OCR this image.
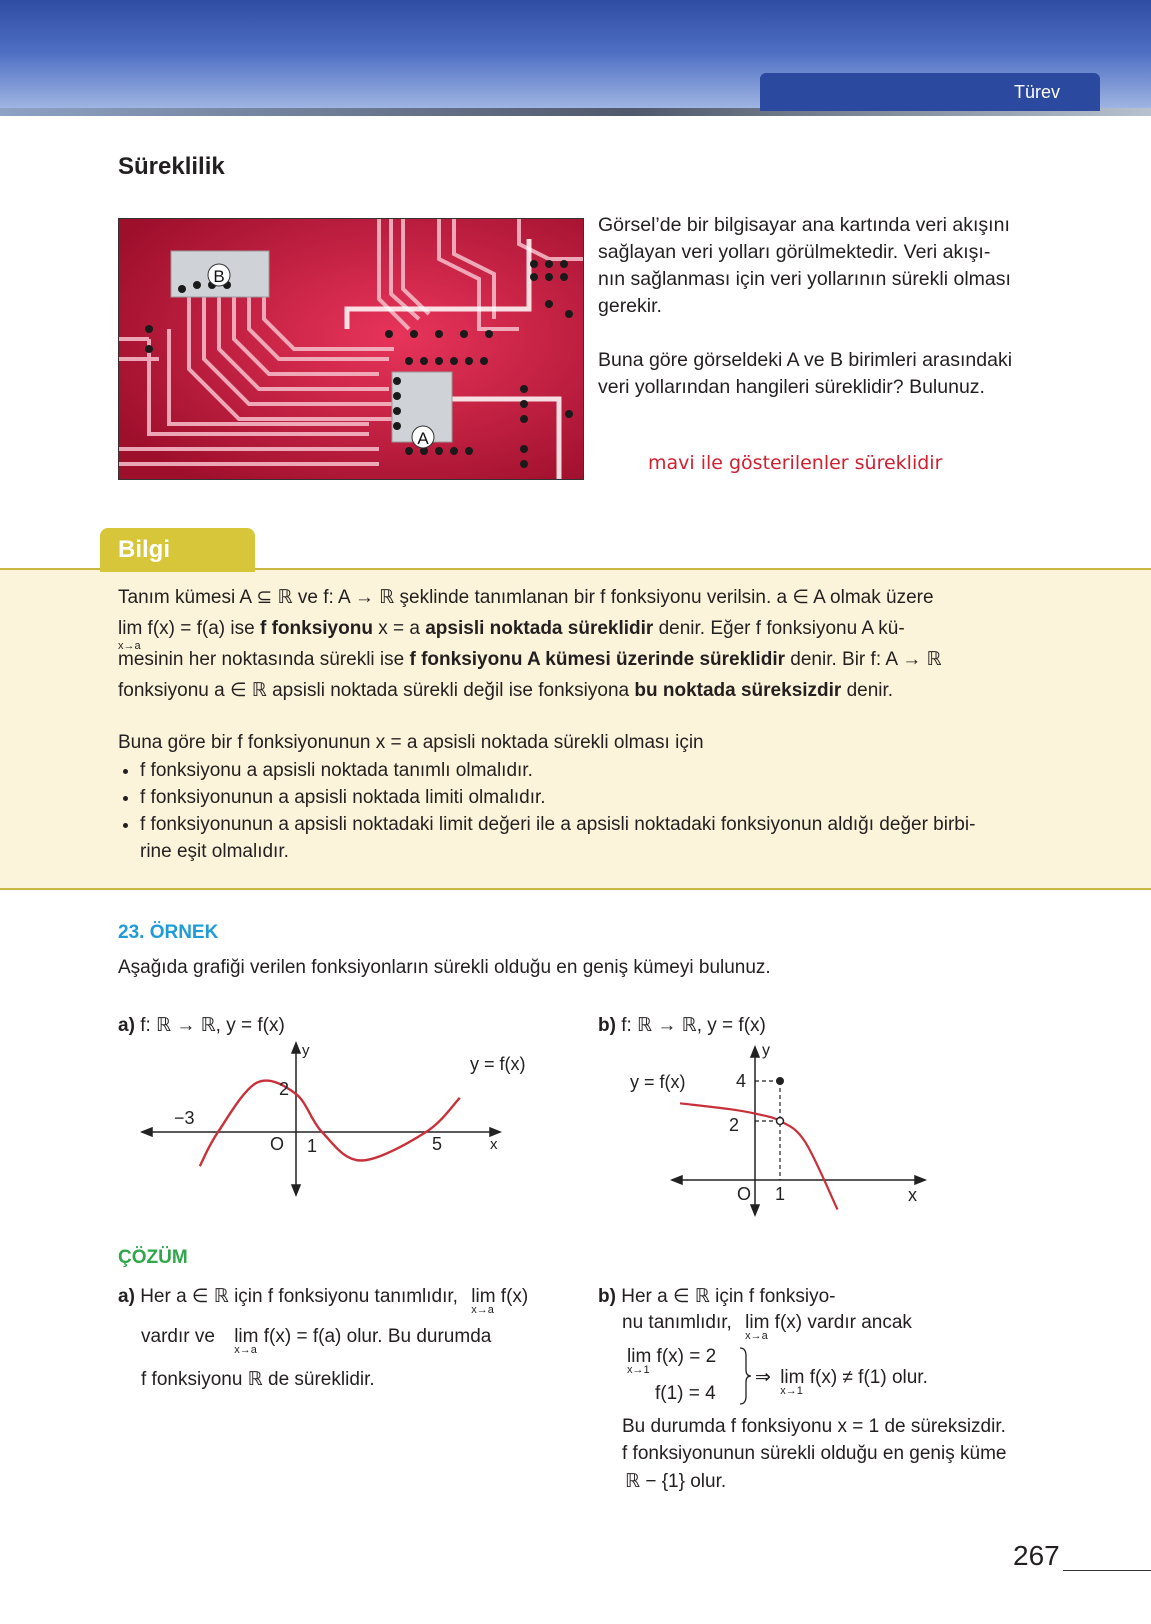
Türev
Süreklilik
B
A
Görsel’de bir bilgisayar ana kartında veri akışını
sağlayan veri yolları görülmektedir. Veri akışı-
nın sağlanması için veri yollarının sürekli olması
gerekir.
Buna göre görseldeki A ve B birimleri arasındaki
veri yollarından hangileri süreklidir? Bulunuz.
mavi ile gösterilenler süreklidir
Bilgi
Tanım kümesi A ⊆ ℝ ve f: A → ℝ şeklinde tanımlanan bir f fonksiyonu verilsin. a ∈ A olmak üzere
lim f(x) = f(a)
x→a
ise f fonksiyonu x = a apsisli noktada süreklidir denir. Eğer f fonksiyonu A kü-
mesinin her noktasında sürekli ise f fonksiyonu A kümesi üzerinde süreklidir denir. Bir f: A → ℝ
fonksiyonu a ∈ ℝ apsisli noktada sürekli değil ise fonksiyona bu noktada süreksizdir denir.
Buna göre bir f fonksiyonunun x = a apsisli noktada sürekli olması için
• f fonksiyonu a apsisli noktada tanımlı olmalıdır.
• f fonksiyonunun a apsisli noktada limiti olmalıdır.
• f fonksiyonunun a apsisli noktadaki limit değeri ile a apsisli noktadaki fonksiyonun aldığı değer birbi-
rine eşit olmalıdır.
23. ÖRNEK
Aşağıda grafiği verilen fonksiyonların sürekli olduğu en geniş kümeyi bulunuz.
a) f: ℝ → ℝ, y = f(x)	b) f: ℝ → ℝ, y = f(x)
y
x
−3
O 1	5
2
y = f(x)
y
x
O 1
2
4
y = f(x)
ÇÖZÜM
a) Her a ∈ ℝ için f fonksiyonu tanımlıdır, lim f(x)
x→a
vardır ve lim f(x) = f(a)
x→a
olur. Bu durumda
f fonksiyonu ℝ de süreklidir.
b) Her a ∈ ℝ için f fonksiyo-
nu tanımlıdır, lim f(x)
x→a
vardır ancak
lim f(x) = 2
x→1
f(1) = 4
⇒ lim f(x) ≠ f(1)
x→1
olur.
Bu durumda f fonksiyonu x = 1 de süreksizdir.
f fonksiyonunun sürekli olduğu en geniş küme
ℝ − {1} olur.
267
